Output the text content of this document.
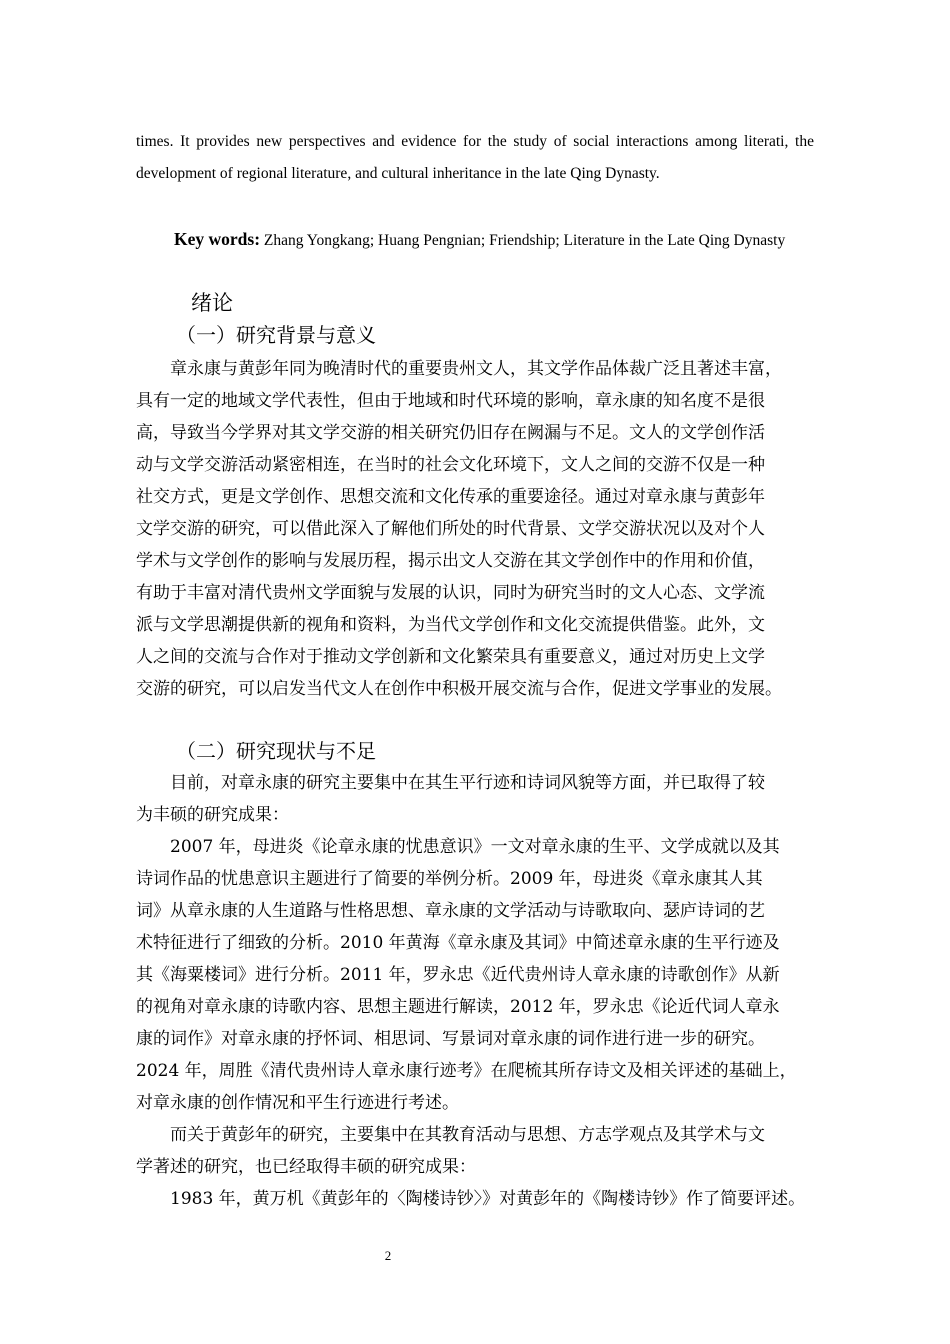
times. It provides new perspectives and evidence for the study of social interactions among literati, the development of regional literature, and cultural inheritance in the late Qing Dynasty.

Key words: Zhang Yongkang; Huang Pengnian; Friendship; Literature in the Late Qing Dynasty

绪论
（一）研究背景与意义
　　章永康与黄彭年同为晚清时代的重要贵州文人，其文学作品体裁广泛且著述丰富，
具有一定的地域文学代表性，但由于地域和时代环境的影响，章永康的知名度不是很
高，导致当今学界对其文学交游的相关研究仍旧存在阙漏与不足。文人的文学创作活
动与文学交游活动紧密相连，在当时的社会文化环境下，文人之间的交游不仅是一种
社交方式，更是文学创作、思想交流和文化传承的重要途径。通过对章永康与黄彭年
文学交游的研究，可以借此深入了解他们所处的时代背景、文学交游状况以及对个人
学术与文学创作的影响与发展历程，揭示出文人交游在其文学创作中的作用和价值，
有助于丰富对清代贵州文学面貌与发展的认识，同时为研究当时的文人心态、文学流
派与文学思潮提供新的视角和资料，为当代文学创作和文化交流提供借鉴。此外，文
人之间的交流与合作对于推动文学创新和文化繁荣具有重要意义，通过对历史上文学
交游的研究，可以启发当代文人在创作中积极开展交流与合作，促进文学事业的发展。
（二）研究现状与不足
　　目前，对章永康的研究主要集中在其生平行迹和诗词风貌等方面，并已取得了较
为丰硕的研究成果：
　　2007 年，母进炎《论章永康的忧患意识》一文对章永康的生平、文学成就以及其
诗词作品的忧患意识主题进行了简要的举例分析。2009 年，母进炎《章永康其人其
词》从章永康的人生道路与性格思想、章永康的文学活动与诗歌取向、瑟庐诗词的艺
术特征进行了细致的分析。2010 年黄海《章永康及其词》中简述章永康的生平行迹及
其《海粟楼词》进行分析。2011 年，罗永忠《近代贵州诗人章永康的诗歌创作》从新
的视角对章永康的诗歌内容、思想主题进行解读，2012 年，罗永忠《论近代词人章永
康的词作》对章永康的抒怀词、相思词、写景词对章永康的词作进行进一步的研究。
2024 年，周胜《清代贵州诗人章永康行迹考》在爬梳其所存诗文及相关评述的基础上，
对章永康的创作情况和平生行迹进行考述。
　　而关于黄彭年的研究，主要集中在其教育活动与思想、方志学观点及其学术与文
学著述的研究，也已经取得丰硕的研究成果：
　　1983 年，黄万机《黄彭年的〈陶楼诗钞〉》对黄彭年的《陶楼诗钞》作了简要评述。

2
